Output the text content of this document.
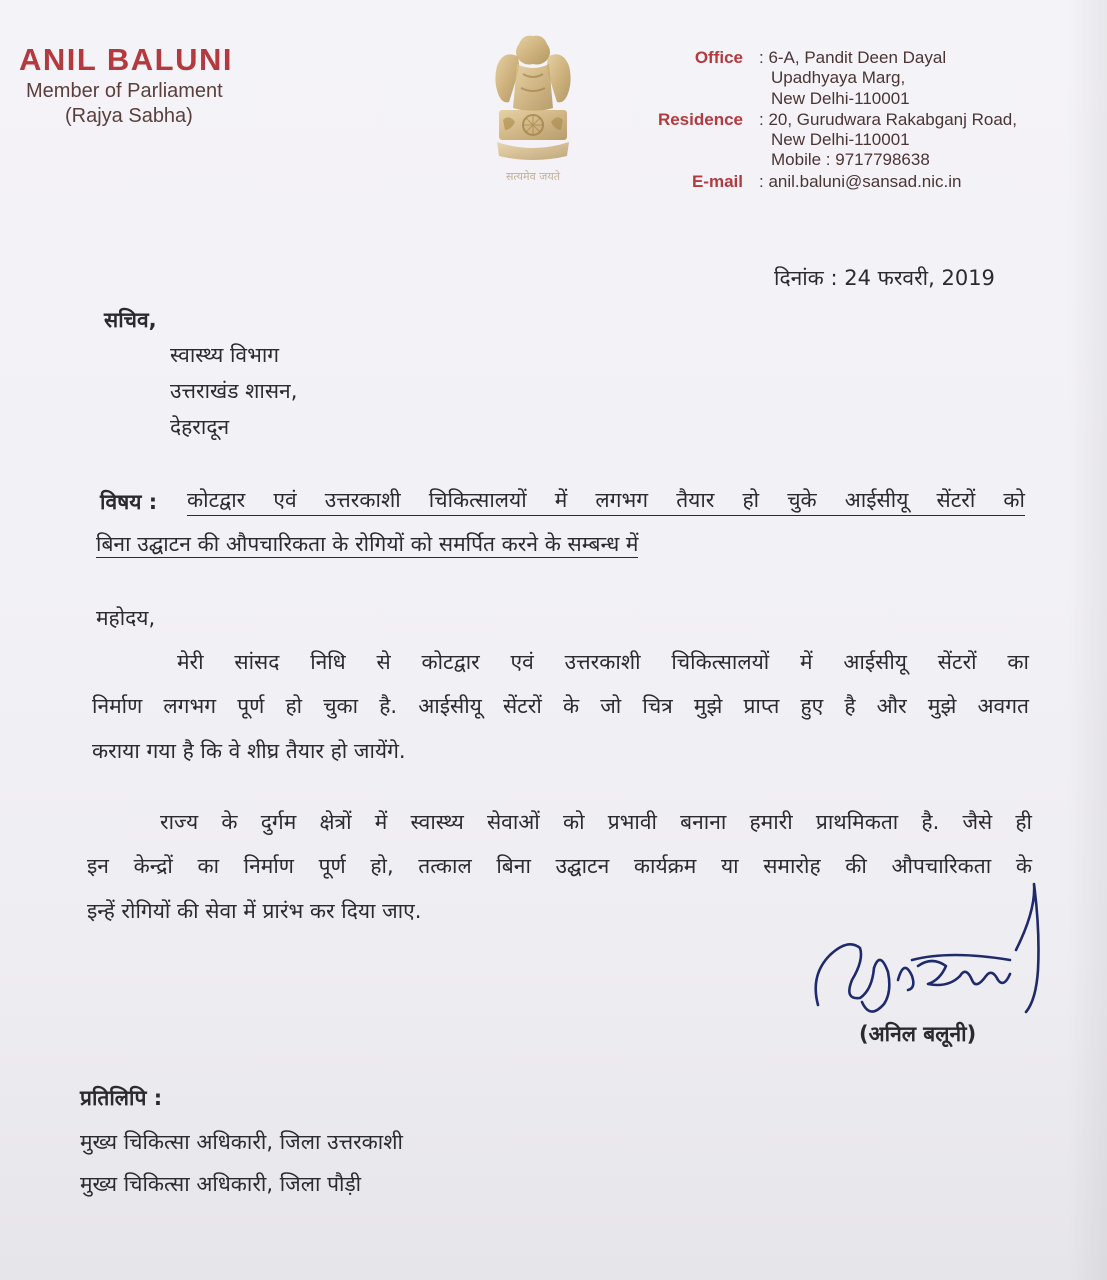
ANIL BALUNI
Member of Parliament
(Rajya Sabha)
सत्यमेव जयते
Office : 6-A, Pandit Deen Dayal
Upadhyaya Marg,
New Delhi-110001
Residence : 20, Gurudwara Rakabganj Road,
New Delhi-110001
Mobile : 9717798638
E-mail : anil.baluni@sansad.nic.in
दिनांक : 24 फरवरी, 2019
सचिव,
स्वास्थ्य विभाग
उत्तराखंड शासन,
देहरादून
विषय : कोटद्वार एवं उत्तरकाशी चिकित्सालयों में लगभग तैयार हो चुके आईसीयू सेंटरों को
बिना उद्घाटन की औपचारिकता के रोगियों को समर्पित करने के सम्बन्ध में
महोदय,
मेरी सांसद निधि से कोटद्वार एवं उत्तरकाशी चिकित्सालयों में आईसीयू सेंटरों का
निर्माण लगभग पूर्ण हो चुका है. आईसीयू सेंटरों के जो चित्र मुझे प्राप्त हुए है और मुझे अवगत
कराया गया है कि वे शीघ्र तैयार हो जायेंगे.
राज्य के दुर्गम क्षेत्रों में स्वास्थ्य सेवाओं को प्रभावी बनाना हमारी प्राथमिकता है. जैसे ही
इन केन्द्रों का निर्माण पूर्ण हो, तत्काल बिना उद्घाटन कार्यक्रम या समारोह की औपचारिकता के
इन्हें रोगियों की सेवा में प्रारंभ कर दिया जाए.
(अनिल बलूनी)
प्रतिलिपि :
मुख्य चिकित्सा अधिकारी, जिला उत्तरकाशी
मुख्य चिकित्सा अधिकारी, जिला पौड़ी
